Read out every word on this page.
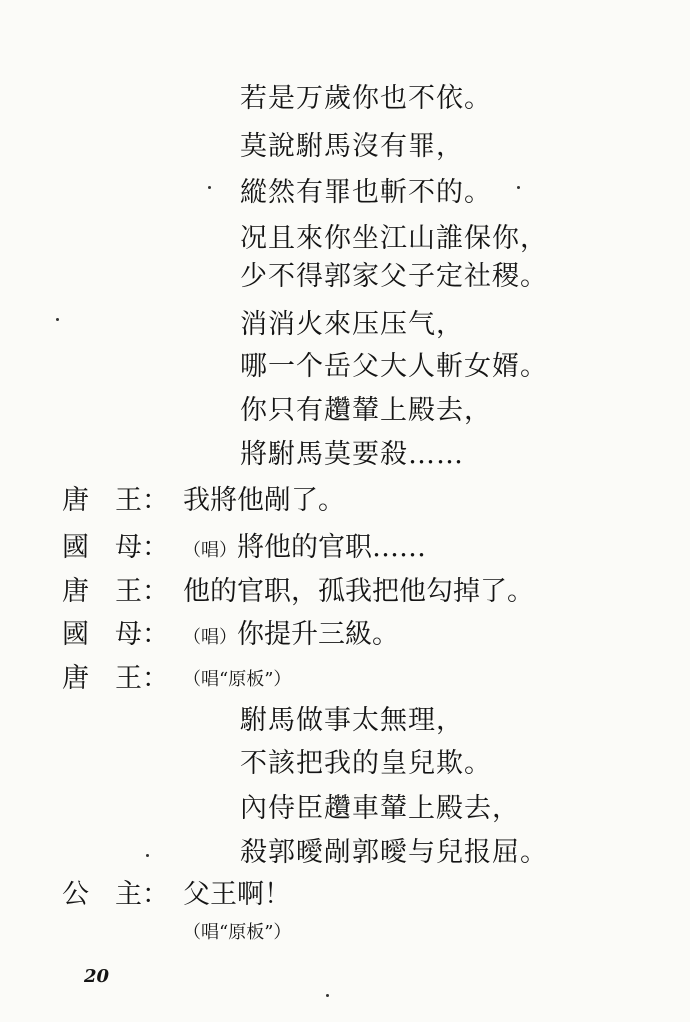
若是万歲你也不依。
莫說駙馬沒有罪，
縱然有罪也斬不的。
况且來你坐江山誰保你，
少不得郭家父子定社稷。
消消火來压压气，
哪一个岳父大人斬女婿。
你只有趲輦上殿去，
將駙馬莫要殺……
唐 王： 我將他剮了。
國 母： （唱）將他的官职……
唐 王： 他的官职，孤我把他勾掉了。
國 母： （唱）你提升三級。
唐 王： （唱“原板”）
駙馬做事太無理，
不該把我的皇兒欺。
內侍臣趲車輦上殿去，
殺郭曖剮郭曖与兒报屈。
公 主： 父王啊！
（唱“原板”）
20
